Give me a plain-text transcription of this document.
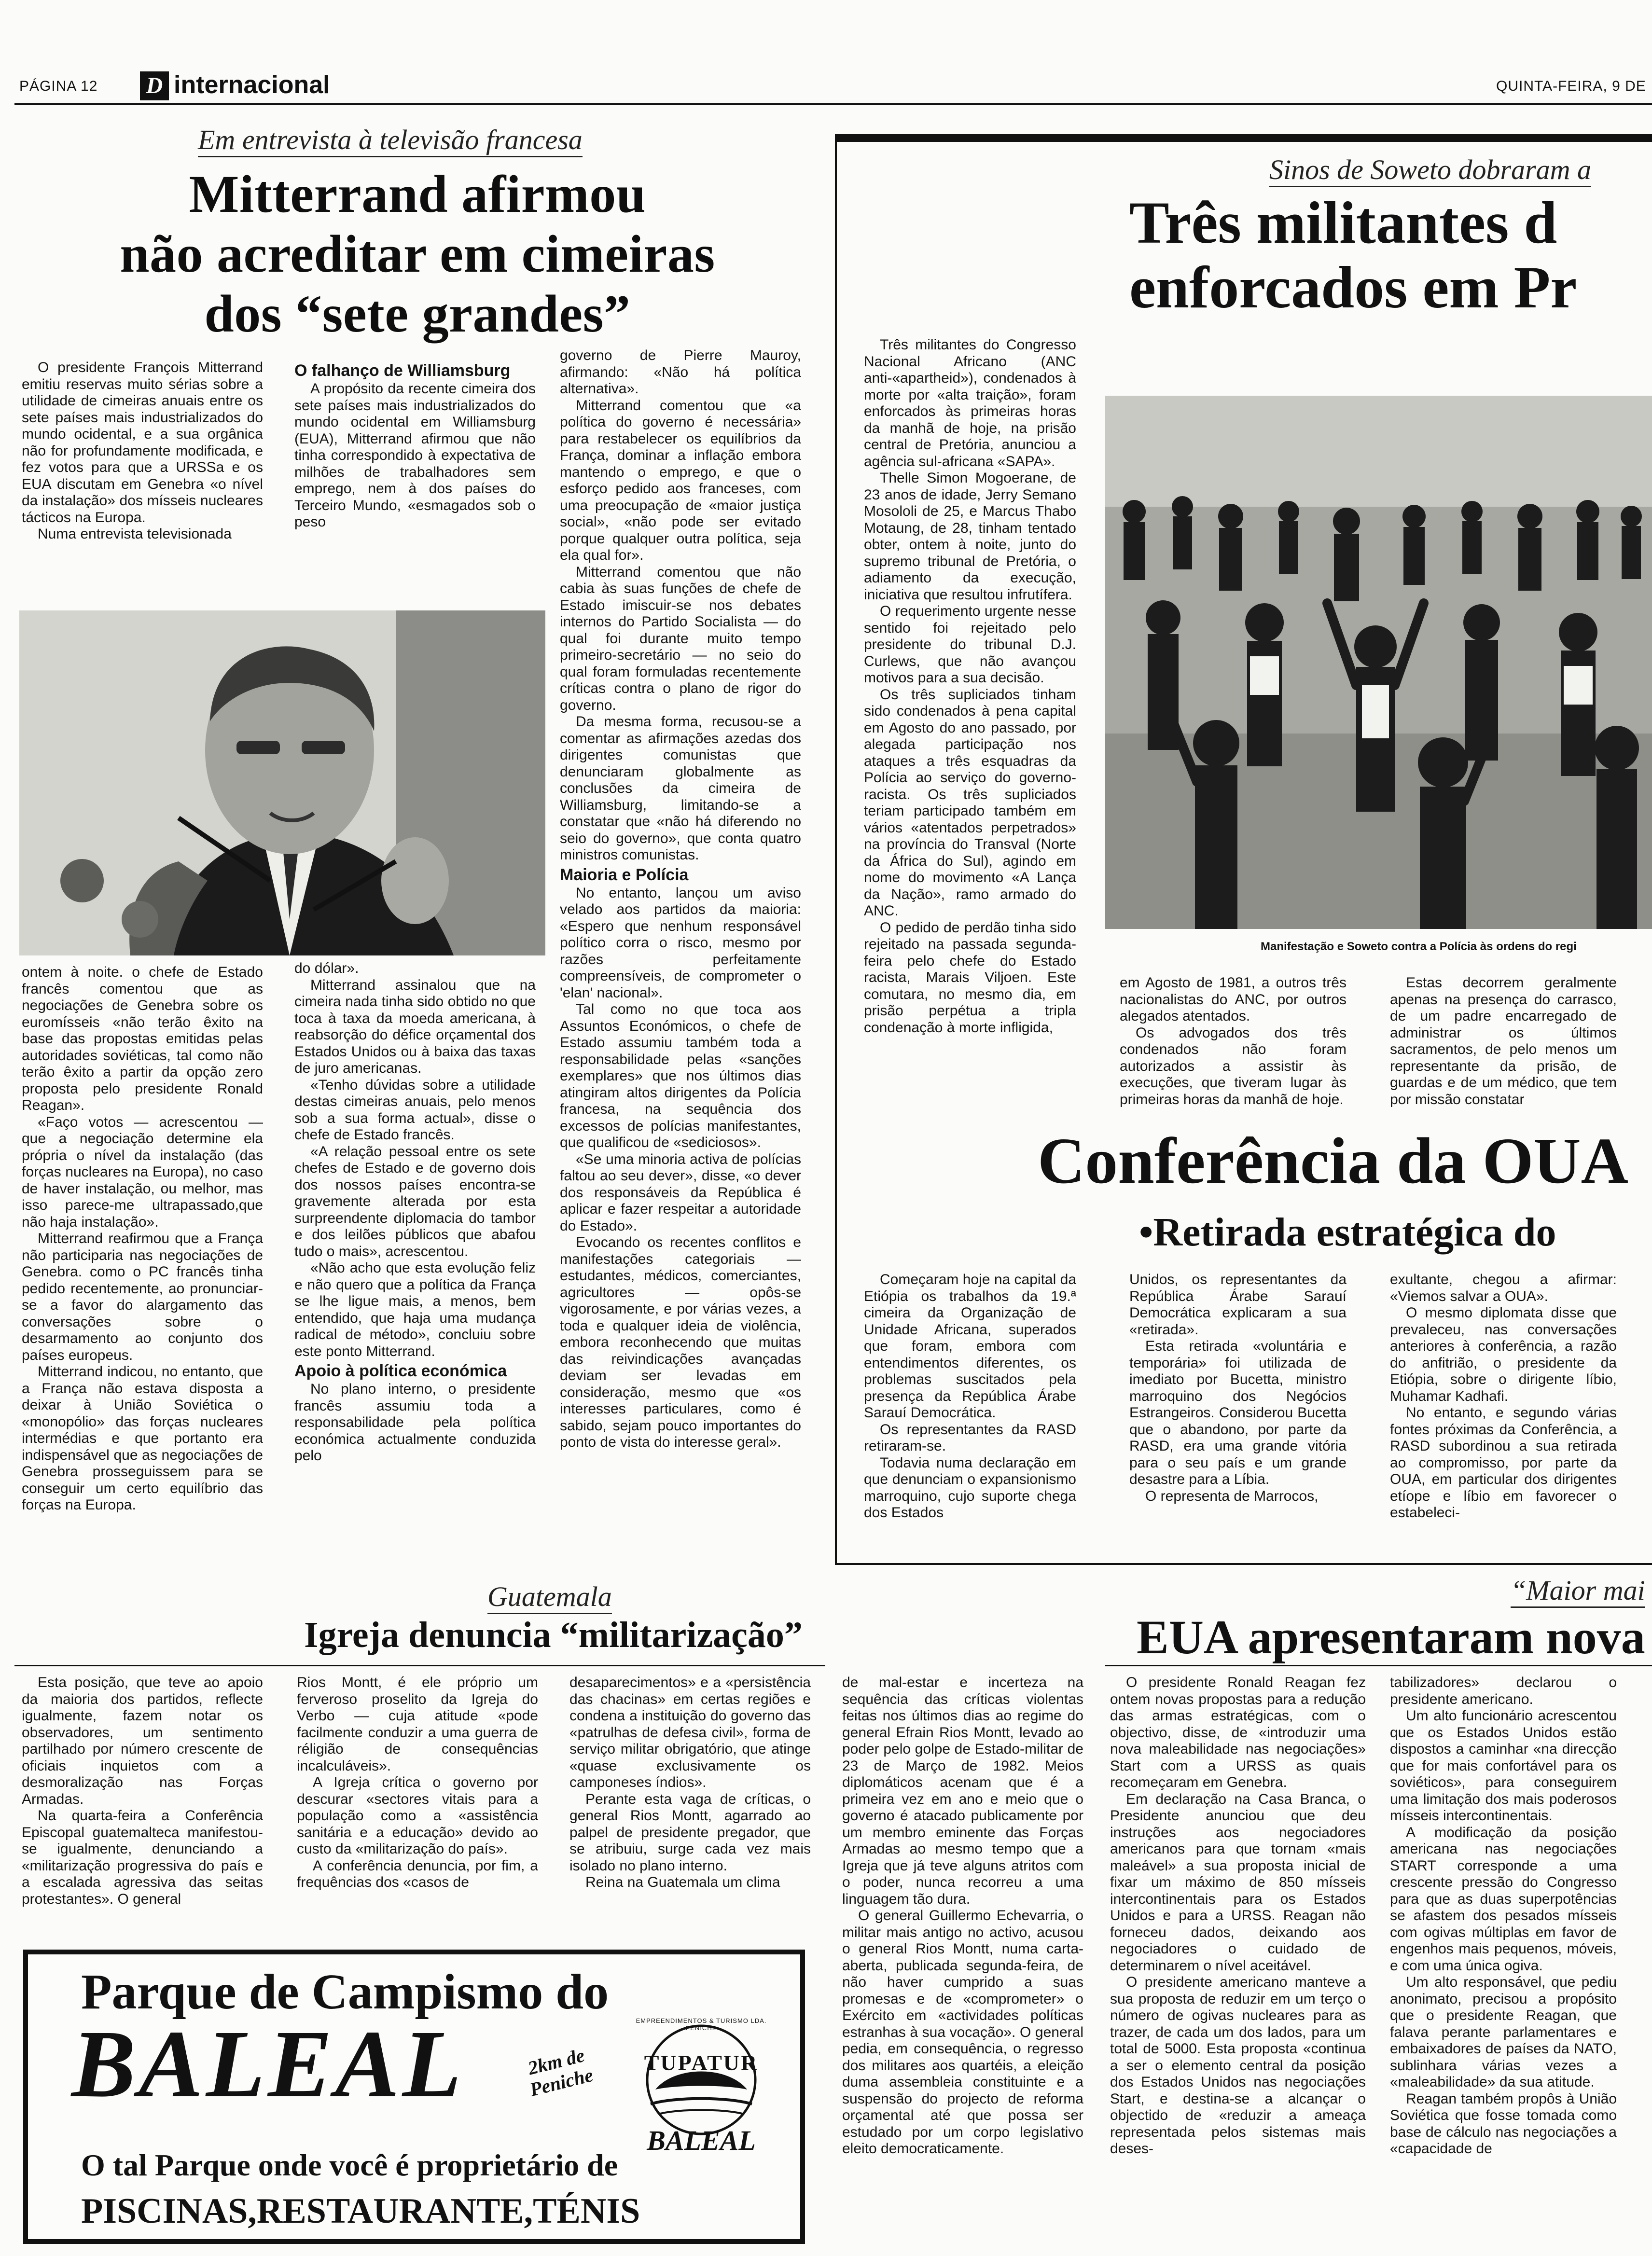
PÁGINA 12 D internacional	QUINTA-FEIRA, 9 DE
Em entrevista à televisão francesa
Mitterrand afirmou
não acreditar em cimeiras
dos “sete grandes”

O presidente François Mitterrand emitiu reservas muito sérias sobre a utilidade de cimeiras anuais entre os sete países mais industrializados do mundo ocidental, e a sua orgânica não for profundamente modificada, e fez votos para que a URSSa e os EUA discutam em Genebra «o nível da instalação» dos mísseis nucleares tácticos na Europa.

Numa entrevista televisionada

O falhanço de Williamsburg

A propósito da recente cimeira dos sete países mais industrializados do mundo ocidental em Williamsburg (EUA), Mitterrand afirmou que não tinha correspondido à expectativa de milhões de trabalhadores sem emprego, nem à dos países do Terceiro Mundo, «esmagados sob o peso

ontem à noite. o chefe de Estado francês comentou que as negociações de Genebra sobre os euromísseis «não terão êxito na base das propostas emitidas pelas autoridades soviéticas, tal como não terão êxito a partir da opção zero proposta pelo presidente Ronald Reagan».

«Faço votos — acrescentou — que a negociação determine ela própria o nível da instalação (das forças nucleares na Europa), no caso de haver instalação, ou melhor, mas isso parece-me ultrapassado,que não haja instalação».

Mitterrand reafirmou que a França não participaria nas negociações de Genebra. como o PC francês tinha pedido recentemente, ao pronunciar-se a favor do alargamento das conversações sobre o desarmamento ao conjunto dos países europeus.

Mitterrand indicou, no entanto, que a França não estava disposta a deixar à União Soviética o «monopólio» das forças nucleares intermédias e que portanto era indispensável que as negociações de Genebra prosseguissem para se conseguir um certo equilíbrio das forças na Europa.

do dólar».

Mitterrand assinalou que na cimeira nada tinha sido obtido no que toca à taxa da moeda americana, à reabsorção do défice orçamental dos Estados Unidos ou à baixa das taxas de juro americanas.

«Tenho dúvidas sobre a utilidade destas cimeiras anuais, pelo menos sob a sua forma actual», disse o chefe de Estado francês.

«A relação pessoal entre os sete chefes de Estado e de governo dois dos nossos países encontra-se gravemente alterada por esta surpreendente diplomacia do tambor e dos leilões públicos que abafou tudo o mais», acrescentou.

«Não acho que esta evolução feliz e não quero que a política da França se lhe ligue mais, a menos, bem entendido, que haja uma mudança radical de método», concluiu sobre este ponto Mitterrand.

Apoio à política económica

No plano interno, o presidente francês assumiu toda a responsabilidade pela política económica actualmente conduzida pelo

governo de Pierre Mauroy, afirmando: «Não há política alternativa».

Mitterrand comentou que «a política do governo é necessária» para restabelecer os equilíbrios da França, dominar a inflação embora mantendo o emprego, e que o esforço pedido aos franceses, com uma preocupação de «maior justiça social», «não pode ser evitado porque qualquer outra política, seja ela qual for».

Mitterrand comentou que não cabia às suas funções de chefe de Estado imiscuir-se nos debates internos do Partido Socialista — do qual foi durante muito tempo primeiro-secretário — no seio do qual foram formuladas recentemente críticas contra o plano de rigor do governo.

Da mesma forma, recusou-se a comentar as afirmações azedas dos dirigentes comunistas que denunciaram globalmente as conclusões da cimeira de Williamsburg, limitando-se a constatar que «não há diferendo no seio do governo», que conta quatro ministros comunistas.

Maioria e Polícia

No entanto, lançou um aviso velado aos partidos da maioria: «Espero que nenhum responsável político corra o risco, mesmo por razões perfeitamente compreensíveis, de comprometer o 'elan' nacional».

Tal como no que toca aos Assuntos Económicos, o chefe de Estado assumiu também toda a responsabilidade pelas «sanções exemplares» que nos últimos dias atingiram altos dirigentes da Polícia francesa, na sequência dos excessos de polícias manifestantes, que qualificou de «sediciosos».

«Se uma minoria activa de polícias faltou ao seu dever», disse, «o dever dos responsáveis da República é aplicar e fazer respeitar a autoridade do Estado».

Evocando os recentes conflitos e manifestações categoriais —estudantes, médicos, comerciantes, agricultores — opôs-se vigorosamente, e por várias vezes, a toda e qualquer ideia de violência, embora reconhecendo que muitas das reivindicações avançadas deviam ser levadas em consideração, mesmo que «os interesses particulares, como é sabido, sejam pouco importantes do ponto de vista do interesse geral».

Sinos de Soweto dobraram a
Três militantes d
enforcados em Pr

Três militantes do Congresso Nacional Africano (ANC anti-«apartheid»), condenados à morte por «alta traição», foram enforcados às primeiras horas da manhã de hoje, na prisão central de Pretória, anunciou a agência sul-africana «SAPA».

Thelle Simon Mogoerane, de 23 anos de idade, Jerry Semano Mosololi de 25, e Marcus Thabo Motaung, de 28, tinham tentado obter, ontem à noite, junto do supremo tribunal de Pretória, o adiamento da execução, iniciativa que resultou infrutífera.

O requerimento urgente nesse sentido foi rejeitado pelo presidente do tribunal D.J. Curlews, que não avançou motivos para a sua decisão.

Os três supliciados tinham sido condenados à pena capital em Agosto do ano passado, por alegada participação nos ataques a três esquadras da Polícia ao serviço do governo-racista. Os três supliciados teriam participado também em vários «atentados perpetrados» na província do Transval (Norte da África do Sul), agindo em nome do movimento «A Lança da Nação», ramo armado do ANC.

O pedido de perdão tinha sido rejeitado na passada segunda-feira pelo chefe do Estado racista, Marais Viljoen. Este comutara, no mesmo dia, em prisão perpétua a tripla condenação à morte infligida,

Manifestação e Soweto contra a Polícia às ordens do regi

em Agosto de 1981, a outros três nacionalistas do ANC, por outros alegados atentados.

Os advogados dos três condenados não foram autorizados a assistir às execuções, que tiveram lugar às primeiras horas da manhã de hoje.

Estas decorrem geralmente apenas na presença do carrasco, de um padre encarregado de administrar os últimos sacramentos, de pelo menos um representante da prisão, de guardas e de um médico, que tem por missão constatar

Conferência da OUA
•Retirada estratégica do

Começaram hoje na capital da Etiópia os trabalhos da 19.ª cimeira da Organização de Unidade Africana, superados que foram, embora com entendimentos diferentes, os problemas suscitados pela presença da República Árabe Sarauí Democrática.

Os representantes da RASD retiraram-se.

Todavia numa declaração em que denunciam o expansionismo marroquino, cujo suporte chega dos Estados

Unidos, os representantes da República Árabe Sarauí Democrática explicaram a sua «retirada».

Esta retirada «voluntária e temporária» foi utilizada de imediato por Bucetta, ministro marroquino dos Negócios Estrangeiros. Considerou Bucetta que o abandono, por parte da RASD, era uma grande vitória para o seu país e um grande desastre para a Líbia.

O representa de Marrocos,

exultante, chegou a afirmar: «Viemos salvar a OUA».

O mesmo diplomata disse que prevaleceu, nas conversações anteriores à conferência, a razão do anfitrião, o presidente da Etiópia, sobre o dirigente líbio, Muhamar Kadhafi.

No entanto, e segundo várias fontes próximas da Conferência, a RASD subordinou a sua retirada ao compromisso, por parte da OUA, em particular dos dirigentes etíope e líbio em favorecer o estabeleci-

Guatemala
Igreja denuncia “militarização”

Esta posição, que teve ao apoio da maioria dos partidos, reflecte igualmente, fazem notar os observadores, um sentimento partilhado por número crescente de oficiais inquietos com a desmoralização nas Forças Armadas.

Na quarta-feira a Conferência Episcopal guatemalteca manifestou-se igualmente, denunciando a «militarização progressiva do país e a escalada agressiva das seitas protestantes». O general

Rios Montt, é ele próprio um ferveroso proselito da Igreja do Verbo — cuja atitude «pode facilmente conduzir a uma guerra de réligião de consequências incalculáveis».

A Igreja crítica o governo por descurar «sectores vitais para a população como a «assistência sanitária e a educação» devido ao custo da «militarização do país».

A conferência denuncia, por fim, a frequências dos «casos de

desaparecimentos» e a «persistência das chacinas» em certas regiões e condena a instituição do governo das «patrulhas de defesa civil», forma de serviço militar obrigatório, que atinge «quase exclusivamente os camponeses índios».

Perante esta vaga de críticas, o general Rios Montt, agarrado ao palpel de presidente pregador, que se atribuiu, surge cada vez mais isolado no plano interno.

Reina na Guatemala um clima

de mal-estar e incerteza na sequência das críticas violentas feitas nos últimos dias ao regime do general Efrain Rios Montt, levado ao poder pelo golpe de Estado-militar de 23 de Março de 1982. Meios diplomáticos acenam que é a primeira vez em ano e meio que o governo é atacado publicamente por um membro eminente das Forças Armadas ao mesmo tempo que a Igreja que já teve alguns atritos com o poder, nunca recorreu a uma linguagem tão dura.

O general Guillermo Echevarria, o militar mais antigo no activo, acusou o general Rios Montt, numa carta-aberta, publicada segunda-feira, de não haver cumprido a suas promesas e de «comprometer» o Exército em «actividades políticas estranhas à sua vocação». O general pedia, em consequência, o regresso dos militares aos quartéis, a eleição duma assembleia constituinte e a suspensão do projecto de reforma orçamental até que possa ser estudado por um corpo legislativo eleito democraticamente.

“Maior mai
EUA apresentaram nova

O presidente Ronald Reagan fez ontem novas propostas para a redução das armas estratégicas, com o objectivo, disse, de «introduzir uma nova maleabilidade nas negociações» Start com a URSS as quais recomeçaram em Genebra.

Em declaração na Casa Branca, o Presidente anunciou que deu instruções aos negociadores americanos para que tornam «mais maleável» a sua proposta inicial de fixar um máximo de 850 mísseis intercontinentais para os Estados Unidos e para a URSS. Reagan não forneceu dados, deixando aos negociadores o cuidado de determinarem o nível aceitável.

O presidente americano manteve a sua proposta de reduzir em um terço o número de ogivas nucleares para as trazer, de cada um dos lados, para um total de 5000. Esta proposta «continua a ser o elemento central da posição dos Estados Unidos nas negociações Start, e destina-se a alcançar o objectido de «reduzir a ameaça representada pelos sistemas mais deses-

tabilizadores» declarou o presidente americano.

Um alto funcionário acrescentou que os Estados Unidos estão dispostos a caminhar «na direcção que for mais confortável para os soviéticos», para conseguirem uma limitação dos mais poderosos mísseis intercontinentais.

A modificação da posição americana nas negociações START corresponde a uma crescente pressão do Congresso para que as duas superpotências se afastem dos pesados mísseis com ogivas múltiplas em favor de engenhos mais pequenos, móveis, e com uma única ogiva.

Um alto responsável, que pediu anonimato, precisou a propósito que o presidente Reagan, que falava perante parlamentares e embaixadores de países da NATO, sublinhara várias vezes a «maleabilidade» da sua atitude.

Reagan também propôs à União Soviética que fosse tomada como base de cálculo nas negociações a «capacidade de

Parque de Campismo do
BALEAL	2km de Peniche
EMPREENDIMENTOS & TURISMO LDA. PENICHE
TUPATUR
BALEAL
O tal Parque onde você é proprietário de
PISCINAS,RESTAURANTE,TÉNIS
